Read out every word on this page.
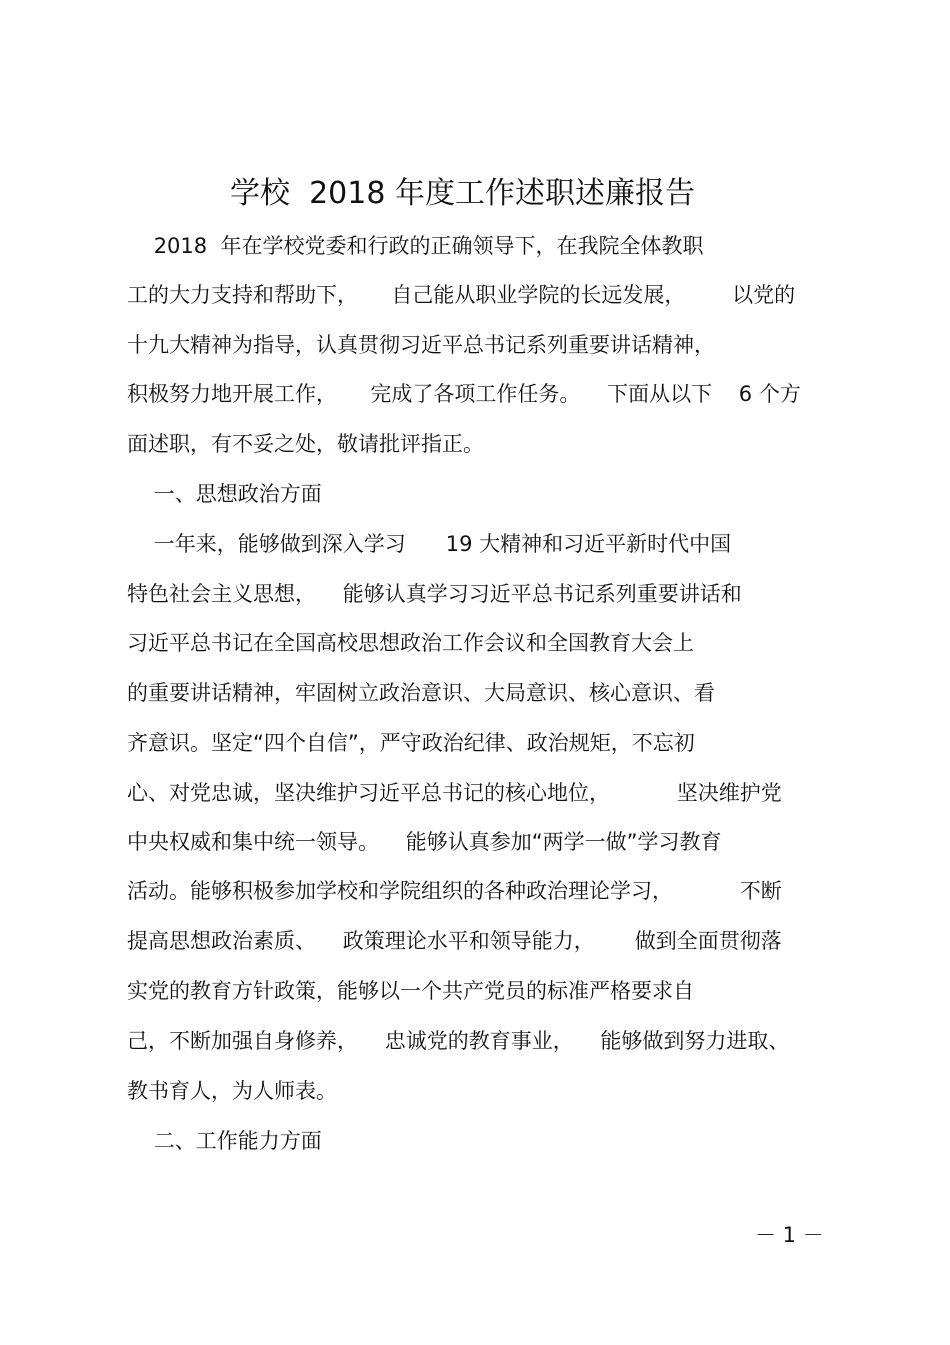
学校  2018 年度工作述职述廉报告
2018  年在学校党委和行政的正确领导下，在我院全体教职
工的大力支持和帮助下，     自己能从职业学院的长远发展，       以党的
十九大精神为指导，认真贯彻习近平总书记系列重要讲话精神，
积极努力地开展工作，     完成了各项工作任务。    下面从以下    6 个方
面述职，有不妥之处，敬请批评指正。
一、思想政治方面
一年来，能够做到深入学习      19 大精神和习近平新时代中国
特色社会主义思想，    能够认真学习习近平总书记系列重要讲话和
习近平总书记在全国高校思想政治工作会议和全国教育大会上
的重要讲话精神，牢固树立政治意识、大局意识、核心意识、看
齐意识。坚定“四个自信”，严守政治纪律、政治规矩，不忘初
心、对党忠诚，坚决维护习近平总书记的核心地位，          坚决维护党
中央权威和集中统一领导。    能够认真参加“两学一做”学习教育
活动。能够积极参加学校和学院组织的各种政治理论学习，          不断
提高思想政治素质、    政策理论水平和领导能力，      做到全面贯彻落
实党的教育方针政策，能够以一个共产党员的标准严格要求自
己，不断加强自身修养，    忠诚党的教育事业，    能够做到努力进取、
教书育人，为人师表。
二、工作能力方面
－ 1 －
